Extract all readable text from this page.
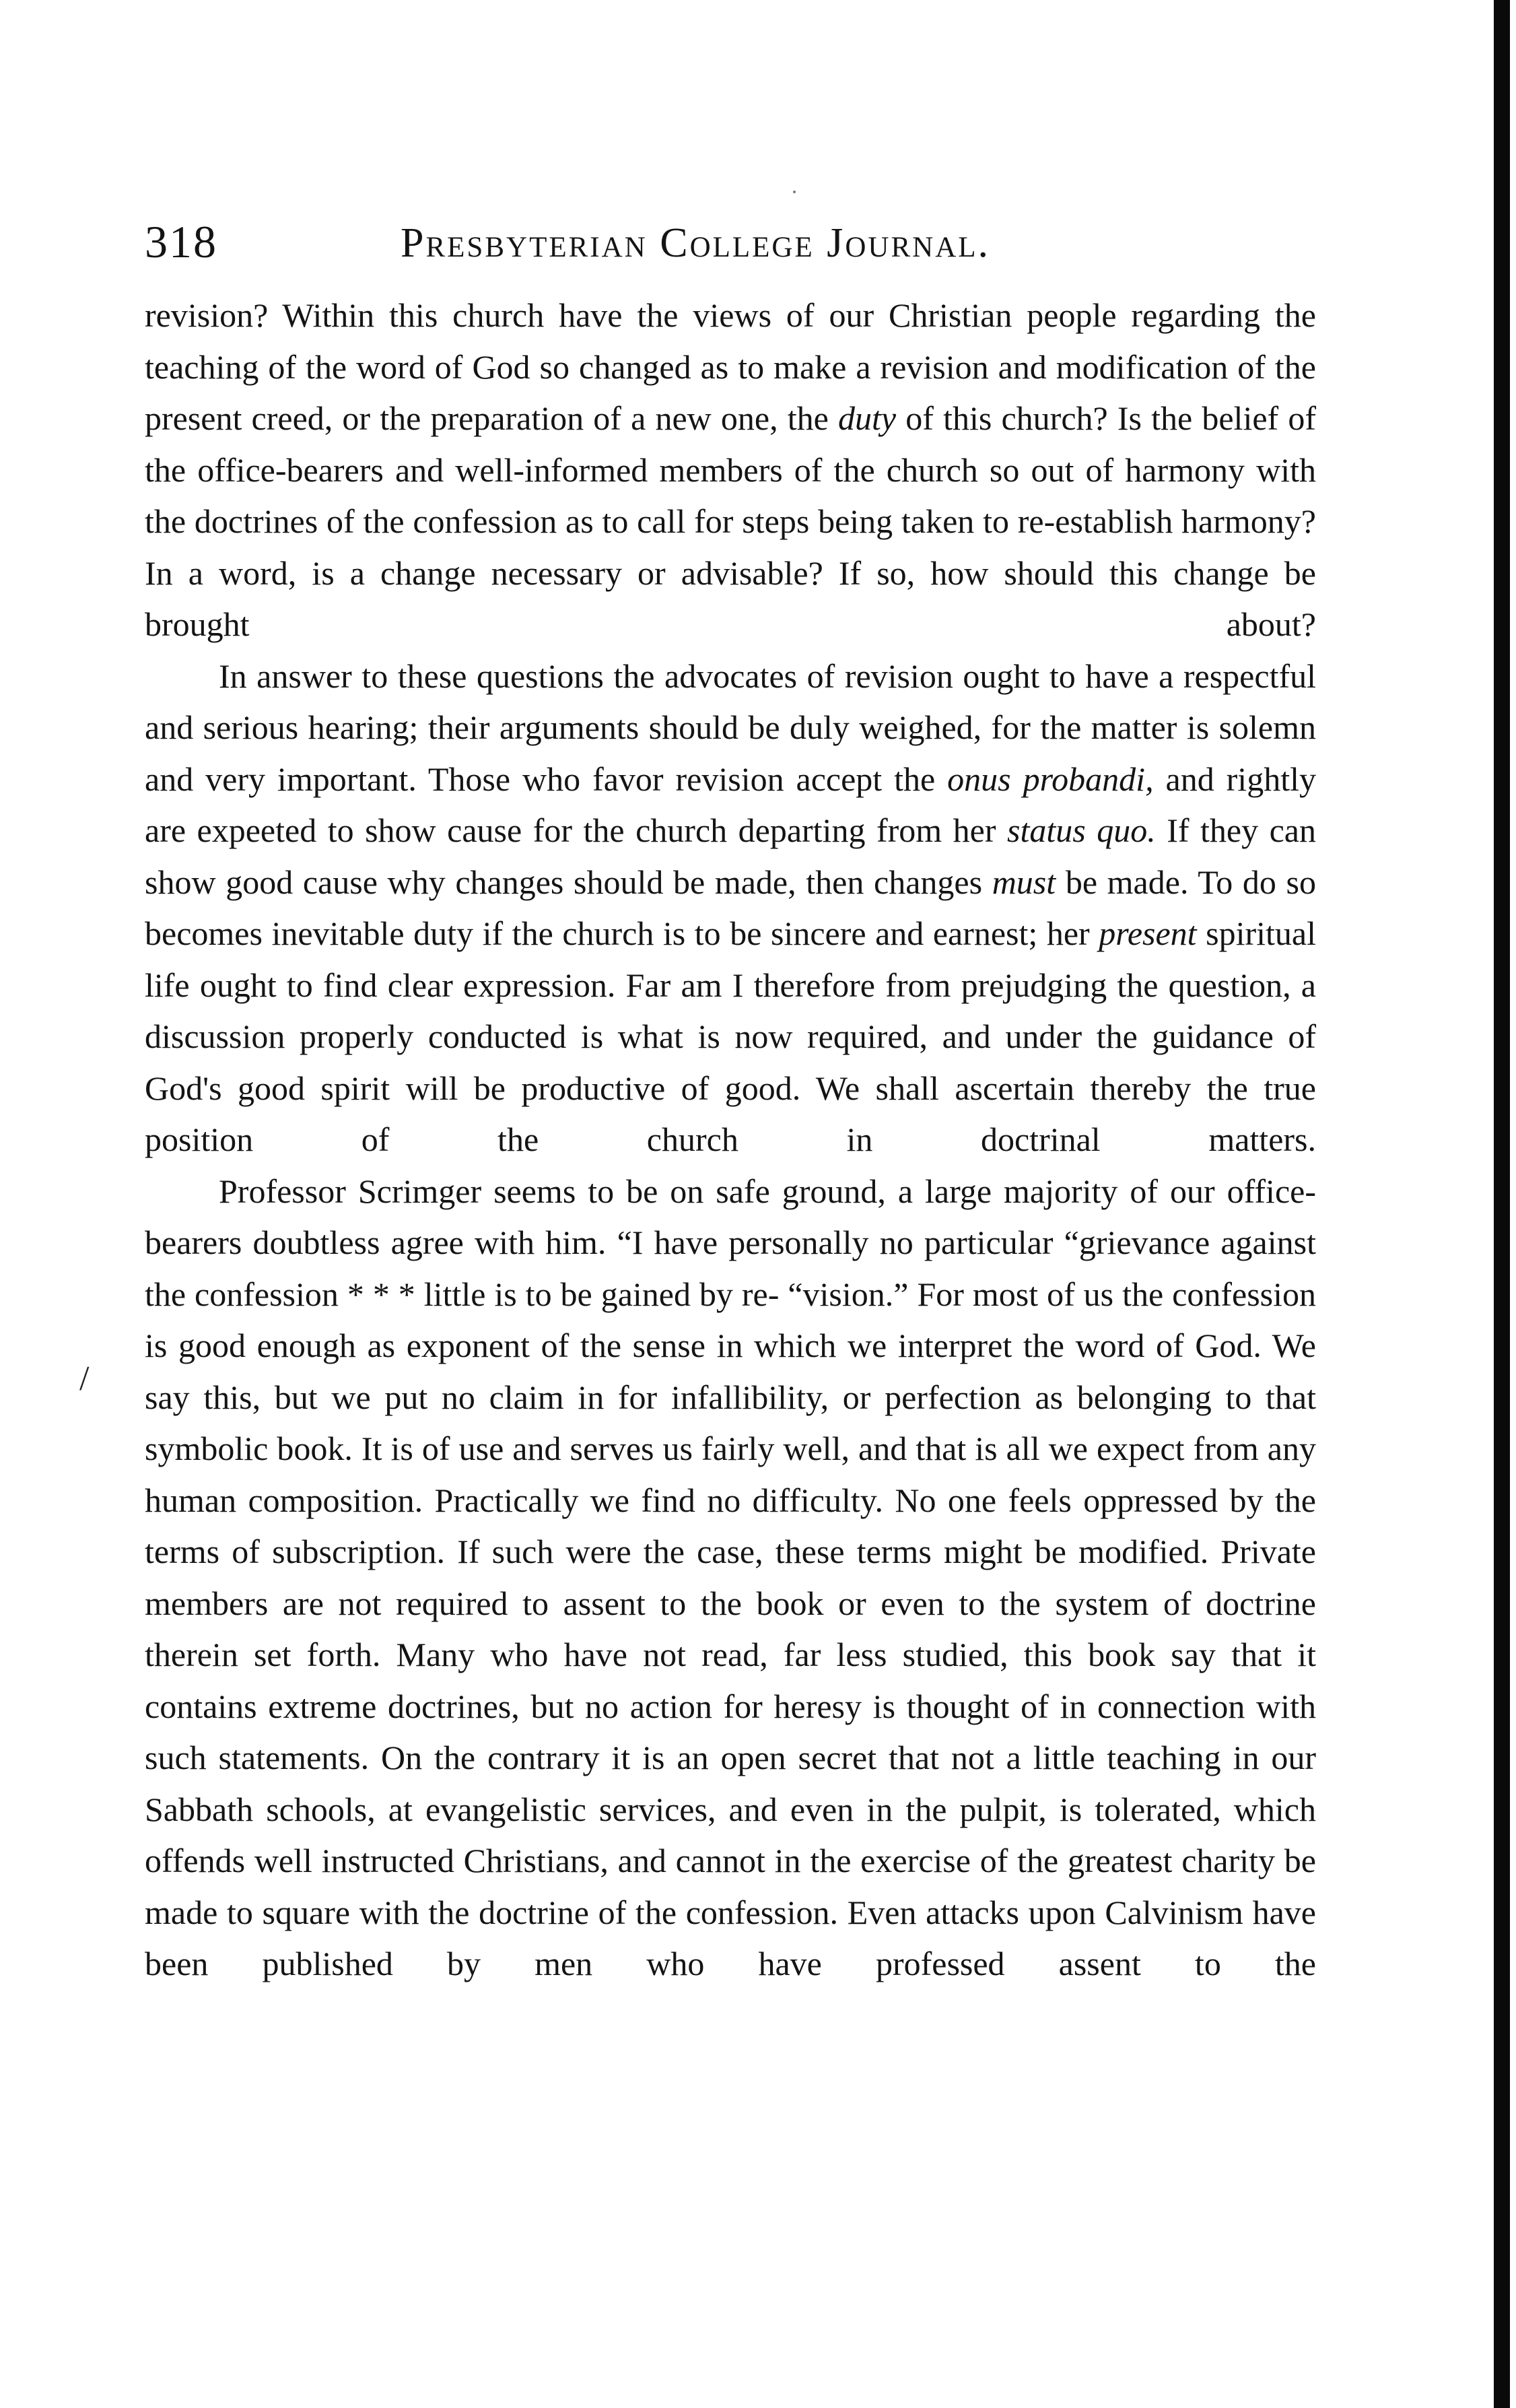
/
318	Presbyterian College Journal.

revision? Within this church have the views of our Christian people regarding the teaching of the word of God so changed as to make a revision and modification of the present creed, or the preparation of a new one, the duty of this church? Is the belief of the office-bearers and well-informed members of the church so out of harmony with the doctrines of the confession as to call for steps being taken to re-establish harmony? In a word, is a change necessary or advisable? If so, how should this change be brought about?

In answer to these questions the advocates of revision ought to have a respectful and serious hearing; their arguments should be duly weighed, for the matter is solemn and very important. Those who favor revision accept the onus probandi, and rightly are expeeted to show cause for the church departing from her status quo. If they can show good cause why changes should be made, then changes must be made. To do so becomes inevitable duty if the church is to be sincere and earnest; her present spiritual life ought to find clear expression. Far am I therefore from prejudging the question, a discussion properly conducted is what is now required, and under the guidance of God's good spirit will be productive of good. We shall ascertain thereby the true position of the church in doctrinal matters.

Professor Scrimger seems to be on safe ground, a large majority of our office-bearers doubtless agree with him. “I have personally no particular “grievance against the confession * * * little is to be gained by re- “vision.” For most of us the confession is good enough as exponent of the sense in which we interpret the word of God. We say this, but we put no claim in for infallibility, or perfection as belonging to that symbolic book. It is of use and serves us fairly well, and that is all we expect from any human composition. Practically we find no difficulty. No one feels oppressed by the terms of subscription. If such were the case, these terms might be modified. Private members are not required to assent to the book or even to the system of doctrine therein set forth. Many who have not read, far less studied, this book say that it contains extreme doctrines, but no action for heresy is thought of in connection with such statements. On the contrary it is an open secret that not a little teaching in our Sabbath schools, at evangelistic services, and even in the pulpit, is tolerated, which offends well instructed Christians, and cannot in the exercise of the greatest charity be made to square with the doctrine of the confession. Even attacks upon Calvinism have been published by men who have professed assent to the
